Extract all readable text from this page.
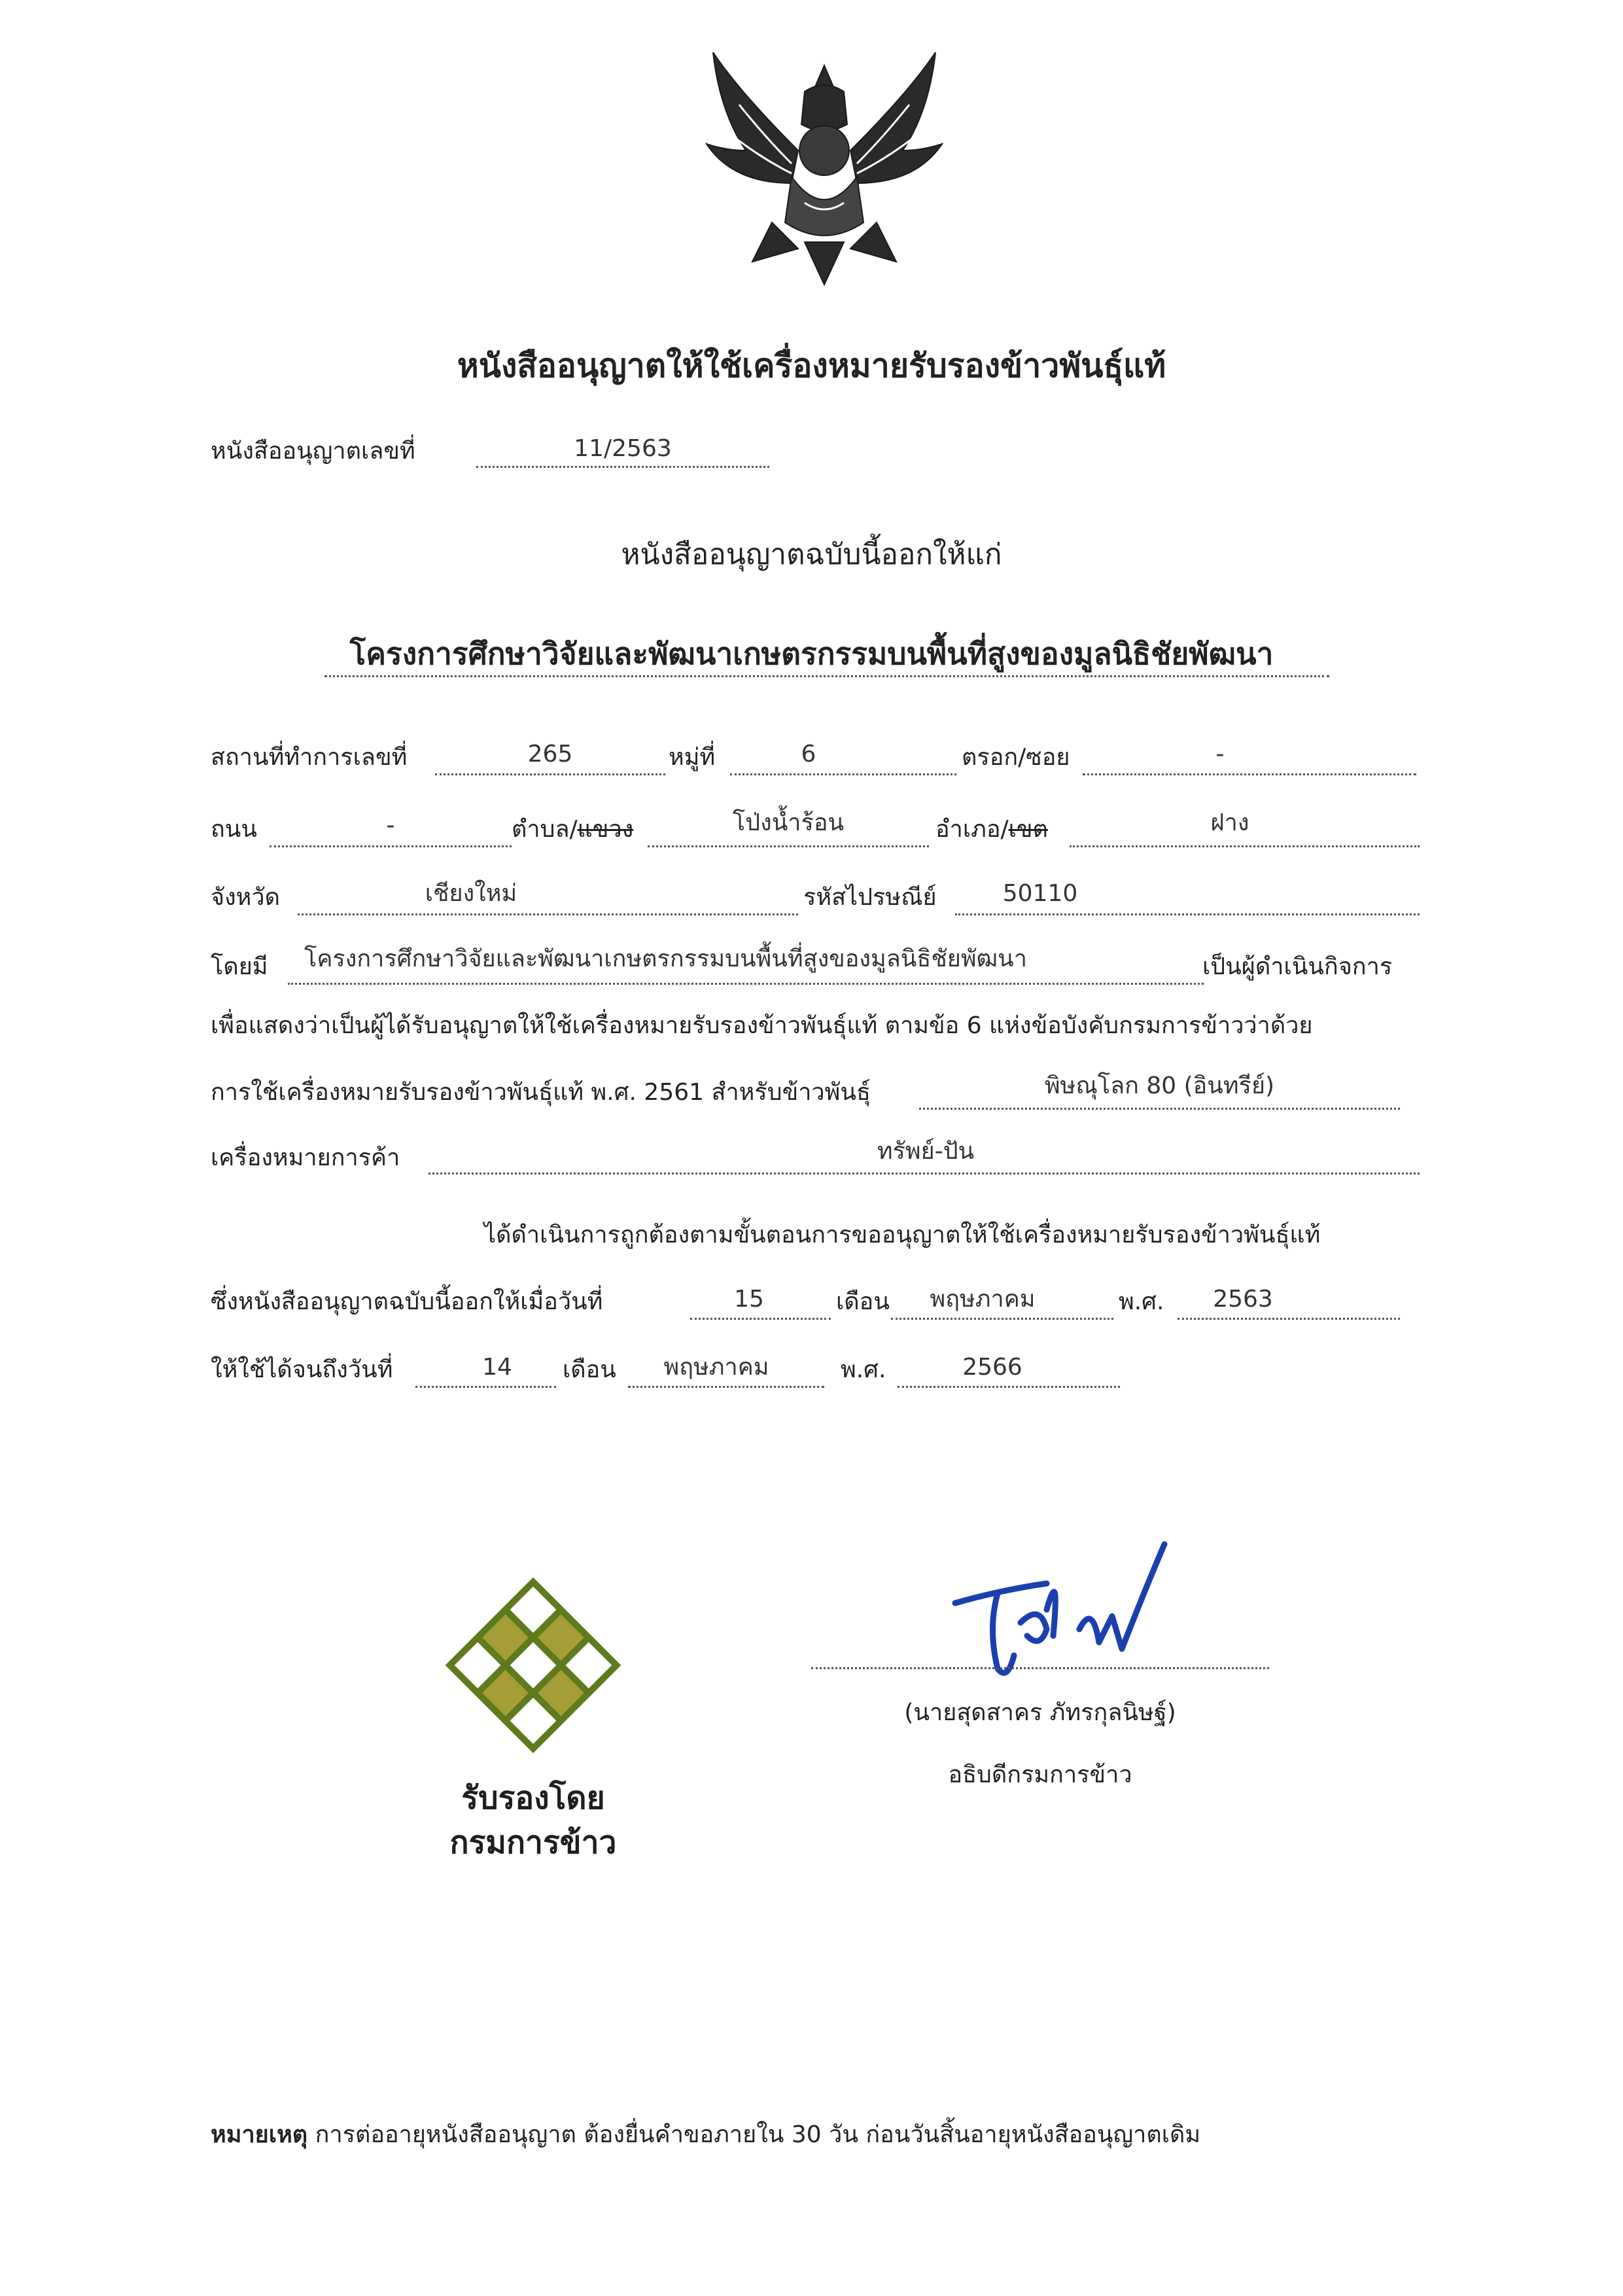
หนังสืออนุญาตให้ใช้เครื่องหมายรับรองข้าวพันธุ์แท้
หนังสืออนุญาตเลขที่	11/2563
หนังสืออนุญาตฉบับนี้ออกให้แก่
โครงการศึกษาวิจัยและพัฒนาเกษตรกรรมบนพื้นที่สูงของมูลนิธิชัยพัฒนา
สถานที่ทำการเลขที่	265	หมู่ที่	6	ตรอก/ซอย	-
ถนน	-	ตำบล/แขวง	โป่งน้ำร้อน	อำเภอ/เขต	ฝาง
จังหวัด	เชียงใหม่	รหัสไปรษณีย์	50110
โดยมี โครงการศึกษาวิจัยและพัฒนาเกษตรกรรมบนพื้นที่สูงของมูลนิธิชัยพัฒนา	เป็นผู้ดำเนินกิจการ
เพื่อแสดงว่าเป็นผู้ได้รับอนุญาตให้ใช้เครื่องหมายรับรองข้าวพันธุ์แท้ ตามข้อ 6 แห่งข้อบังคับกรมการข้าวว่าด้วย
การใช้เครื่องหมายรับรองข้าวพันธุ์แท้ พ.ศ. 2561 สำหรับข้าวพันธุ์	พิษณุโลก 80 (อินทรีย์)
เครื่องหมายการค้า	ทรัพย์-ปัน
ได้ดำเนินการถูกต้องตามขั้นตอนการขออนุญาตให้ใช้เครื่องหมายรับรองข้าวพันธุ์แท้
ซึ่งหนังสืออนุญาตฉบับนี้ออกให้เมื่อวันที่	15	เดือน	พฤษภาคม	พ.ศ.	2563
ให้ใช้ได้จนถึงวันที่	14	เดือน	พฤษภาคม	พ.ศ.	2566
รับรองโดย
กรมการข้าว
(นายสุดสาคร ภัทรกุลนิษฐ์)
อธิบดีกรมการข้าว
หมายเหตุ การต่ออายุหนังสืออนุญาต ต้องยื่นคำขอภายใน 30 วัน ก่อนวันสิ้นอายุหนังสืออนุญาตเดิม
